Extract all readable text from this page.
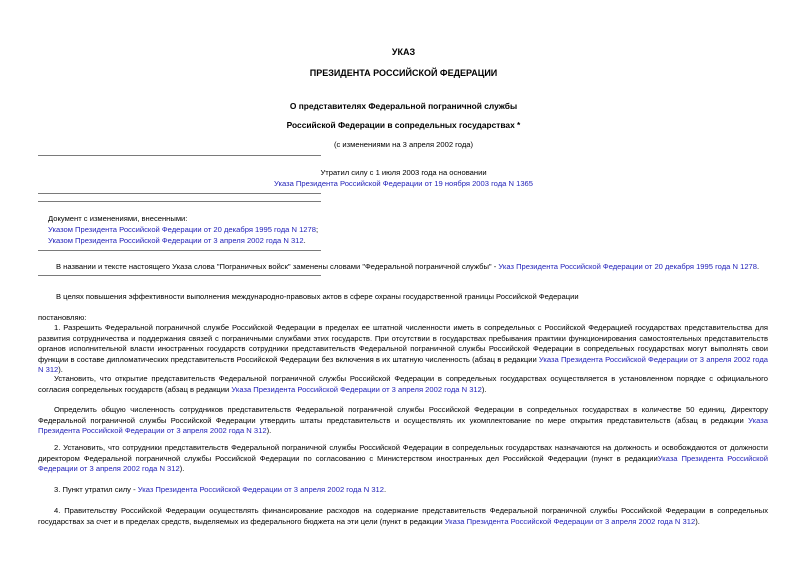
УКАЗ
ПРЕЗИДЕНТА РОССИЙСКОЙ ФЕДЕРАЦИИ
О представителях Федеральной пограничной службы
Российской Федерации в сопредельных государствах *
(с изменениями на 3 апреля 2002 года)
Утратил силу с 1 июля 2003 года на основании
Указа Президента Российской Федерации от 19 ноября 2003 года N 1365
Документ с изменениями, внесенными:
Указом Президента Российской Федерации от 20 декабря 1995 года N 1278;
Указом Президента Российской Федерации от 3 апреля 2002 года N 312.
В названии и тексте настоящего Указа слова "Пограничных войск" заменены словами "Федеральной пограничной службы" - Указ Президента Российской Федерации от 20 декабря 1995 года N 1278.
В целях повышения эффективности выполнения международно-правовых актов в сфере охраны государственной границы Российской Федерации
постановляю:
1. Разрешить Федеральной пограничной службе Российской Федерации в пределах ее штатной численности иметь в сопредельных с Российской Федерацией государствах представительства для развития сотрудничества и поддержания связей с пограничными службами этих государств. При отсутствии в государствах пребывания практики функционирования самостоятельных представительств органов исполнительной власти иностранных государств сотрудники представительств Федеральной пограничной службы Российской Федерации в сопредельных государствах могут выполнять свои функции в составе дипломатических представительств Российской Федерации без включения в их штатную численность (абзац в редакции Указа Президента Российской Федерации от 3 апреля 2002 года N 312).
Установить, что открытие представительств Федеральной пограничной службы Российской Федерации в сопредельных государствах осуществляется в установленном порядке с официального согласия сопредельных государств (абзац в редакции Указа Президента Российской Федерации от 3 апреля 2002 года N 312).
Определить общую численность сотрудников представительств Федеральной пограничной службы Российской Федерации в сопредельных государствах в количестве 50 единиц. Директору Федеральной пограничной службы Российской Федерации утвердить штаты представительств и осуществлять их укомплектование по мере открытия представительств (абзац в редакции Указа Президента Российской Федерации от 3 апреля 2002 года N 312).
2. Установить, что сотрудники представительств Федеральной пограничной службы Российской Федерации в сопредельных государствах назначаются на должность и освобождаются от должности директором Федеральной пограничной службы Российской Федерации по согласованию с Министерством иностранных дел Российской Федерации (пункт в редакцииУказа Президента Российской Федерации от 3 апреля 2002 года N 312).
3. Пункт утратил силу - Указ Президента Российской Федерации от 3 апреля 2002 года N 312.
4. Правительству Российской Федерации осуществлять финансирование расходов на содержание представительств Федеральной пограничной службы Российской Федерации в сопредельных государствах за счет и в пределах средств, выделяемых из федерального бюджета на эти цели (пункт в редакции Указа Президента Российской Федерации от 3 апреля 2002 года N 312).
